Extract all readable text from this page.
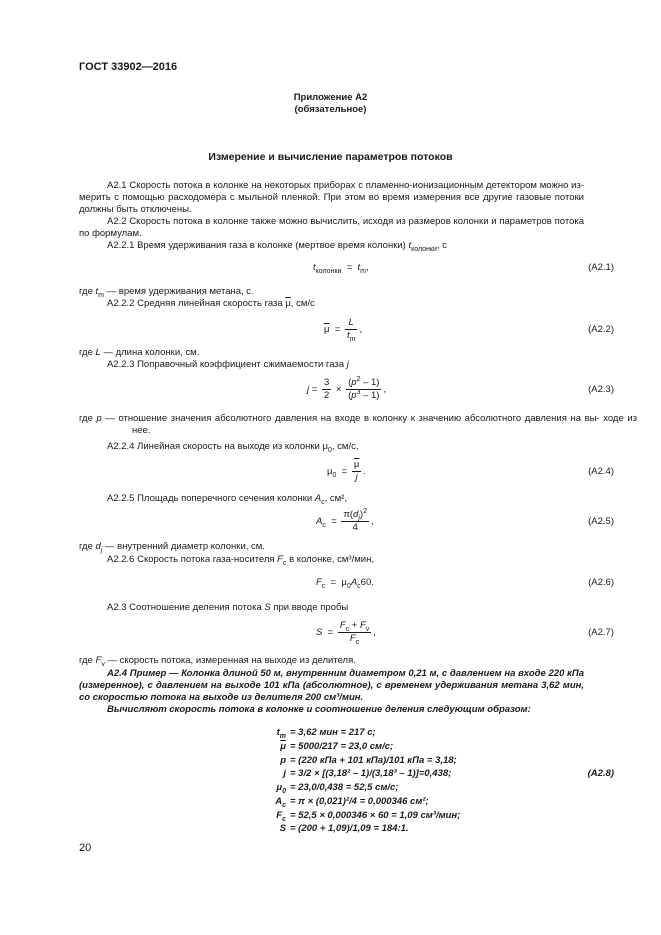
ГОСТ 33902—2016
Приложение А2
(обязательное)
Измерение и вычисление параметров потоков
А2.1 Скорость потока в колонке на некоторых приборах с пламенно-ионизационным детектором можно из- мерить с помощью расходомера с мыльной пленкой. При этом во время измерения все другие газовые потоки должны быть отключены.
А2.2 Скорость потока в колонке также можно вычислить, исходя из размеров колонки и параметров потока по формулам.
А2.2.1 Время удерживания газа в колонке (мертвое время колонки) $t_{колонки}$, с
$t_{колонки} = t_m$,	(А2.1)
где $t_m$ — время удерживания метана, с.
А2.2.2 Средняя линейная скорость газа $\overline{\mu}$, см/с
$\overline{\mu} = \frac{L}{t_m}$ ,	(А2.2)
где L — длина колонки, см.
А2.2.3 Поправочный коэффициент сжимаемости газа j
$j = \frac{3}{2} \times \frac{(p^2 - 1)}{(p^3 - 1)}$ ,	(А2.3)
где p — отношение значения абсолютного давления на входе в колонку к значению абсолютного давления на вы- ходе из нее.
А2.2.4 Линейная скорость на выходе из колонки $\mu_0$, см/с,
$\mu_0 = \frac{\overline{\mu}}{j}$ .	(А2.4)
А2.2.5 Площадь поперечного сечения колонки $A_c$, см²,
$A_c = \frac{\pi(d_j)^2}{4}$ ,	(А2.5)
где $d_j$ — внутренний диаметр колонки, см.
А2.2.6 Скорость потока газа-носителя $F_c$ в колонке, см³/мин,
$F_c = \mu_0A_c60$.	(А2.6)
А2.3 Соотношение деления потока S при вводе пробы
$S = \frac{F_c + F_v}{F_c}$ ,	(А2.7)
где $F_v$ — скорость потока, измеренная на выходе из делителя.
А2.4 Пример — Колонка длиной 50 м, внутренним диаметром 0,21 м, с давлением на входе 220 кПа (измеренное), с давлением на выходе 101 кПа (абсолютное), с временем удерживания метана 3,62 мин, со скоростью потока на выходе из делителя 200 см³/мин.
Вычисляют скорость потока в колонке и соотношение деления следующим образом:
$t_m = 3,62$ мин = 217 с;
$\overline{\mu} = 5000/217 = 23,0$ см/с;
p = (220 кПа + 101 кПа)/101 кПа = 3,18;
j = 3/2 × [(3,18² – 1)/(3,18³ – 1)]=0,438;	(А2.8)
$\mu_0 = 23,0/0,438 = 52,5$ см/с;
$A_c = \pi \times (0,021)^2/4 = 0,000346$ см²;
$F_c = 52,5 \times 0,000346 \times 60 = 1,09$ см³/мин;
S = (200 + 1,09)/1,09 = 184:1.
20
